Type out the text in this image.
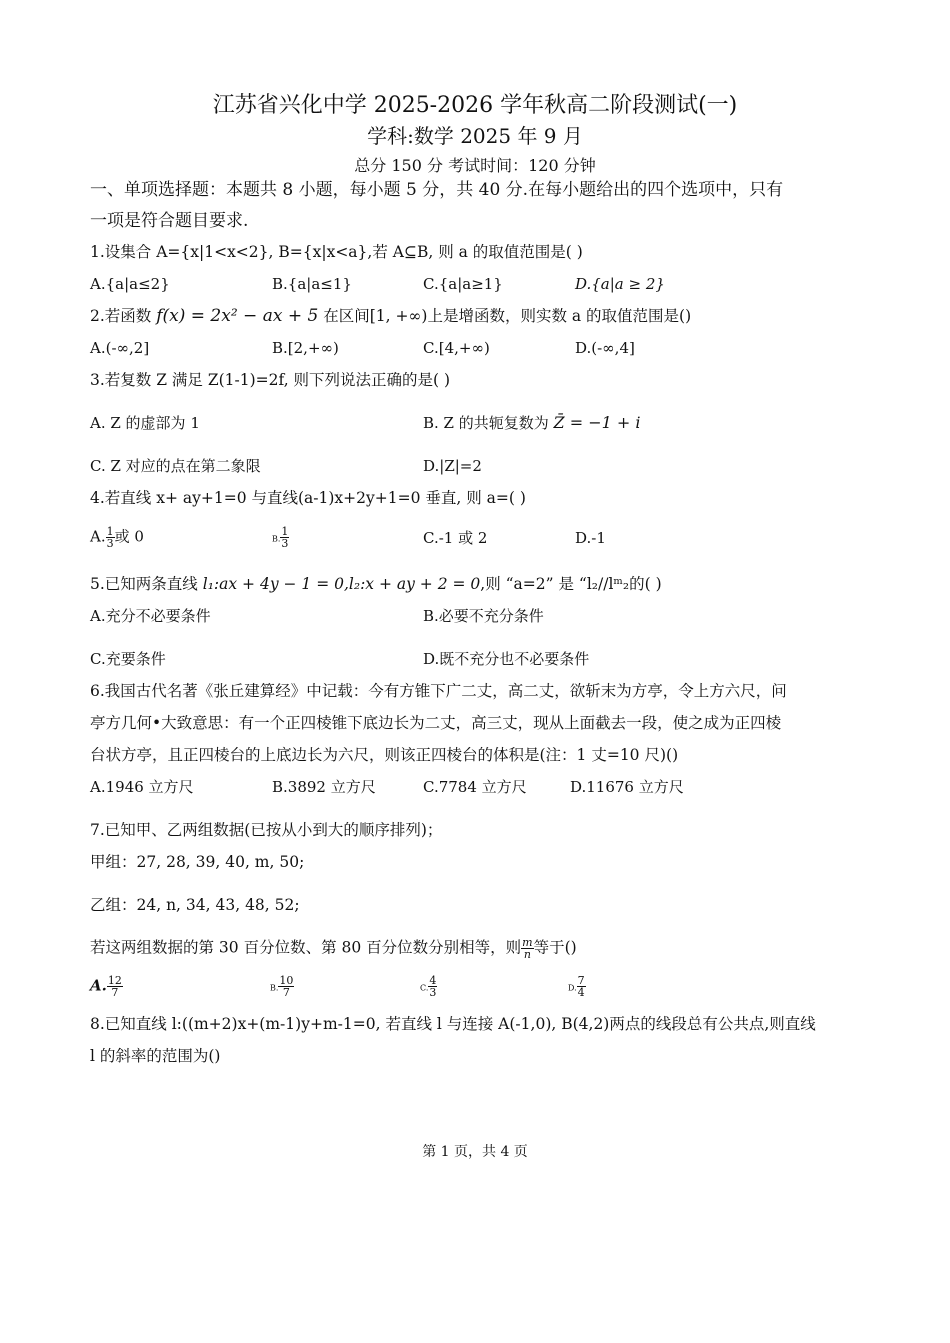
江苏省兴化中学 2025-2026 学年秋高二阶段测试(一)
学科:数学 2025 年 9 月
总分 150 分 考试时间：120 分钟
一、单项选择题：本题共 8 小题，每小题 5 分，共 40 分.在每小题给出的四个选项中，只有
一项是符合题目要求.
1.设集合 A={x|1<x<2}, B={x|x<a},若 A⊆B, 则 a 的取值范围是( )
A.{a|a≤2}	B.{a|a≤1}	C.{a|a≥1}	D.{a|a ≥ 2}
2.若函数 f(x) = 2x² − ax + 5 在区间[1, +∞)上是增函数，则实数 a 的取值范围是()
A.(-∞,2]	B.[2,+∞)	C.[4,+∞)	D.(-∞,4]
3.若复数 Z 满足 Z(1-1)=2f, 则下列说法正确的是( )
A. Z 的虚部为 1	B. Z 的共轭复数为 Z̄ = −1 + i
C. Z 对应的点在第二象限	D.|Z|=2
4.若直线 x+ ay+1=0 与直线(a-1)x+2y+1=0 垂直, 则 a=( )
A. $\frac{1}{3}$ 或 0	B. $\frac{1}{3}$	C.-1 或 2	D.-1
5.已知两条直线 l₁:ax + 4y − 1 = 0,l₂:x + ay + 2 = 0,则 “a=2” 是 “l₂//lᵐ₂的( )
A.充分不必要条件	B.必要不充分条件
C.充要条件	D.既不充分也不必要条件
6.我国古代名著《张丘建算经》中记载：今有方锥下广二丈，高二丈，欲斩末为方亭，令上方六尺，问
亭方几何•大致意思：有一个正四棱锥下底边长为二丈，高三丈，现从上面截去一段，使之成为正四棱
台状方亭，且正四棱台的上底边长为六尺，则该正四棱台的体积是(注：1 丈=10 尺)()
A.1946 立方尺	B.3892 立方尺	C.7784 立方尺	D.11676 立方尺
7.已知甲、乙两组数据(已按从小到大的顺序排列)；
甲组：27, 28, 39, 40, m, 50;
乙组：24, n, 34, 43, 48, 52;
若这两组数据的第 30 百分位数、第 80 百分位数分别相等，则 $\frac{m}{n}$ 等于()
A. $\frac{12}{7}$	B. $\frac{10}{7}$	C. $\frac{4}{3}$	D. $\frac{7}{4}$
8.已知直线 l:((m+2)x+(m-1)y+m-1=0, 若直线 l 与连接 A(-1,0), B(4,2)两点的线段总有公共点,则直线
l 的斜率的范围为()
第 1 页，共 4 页
